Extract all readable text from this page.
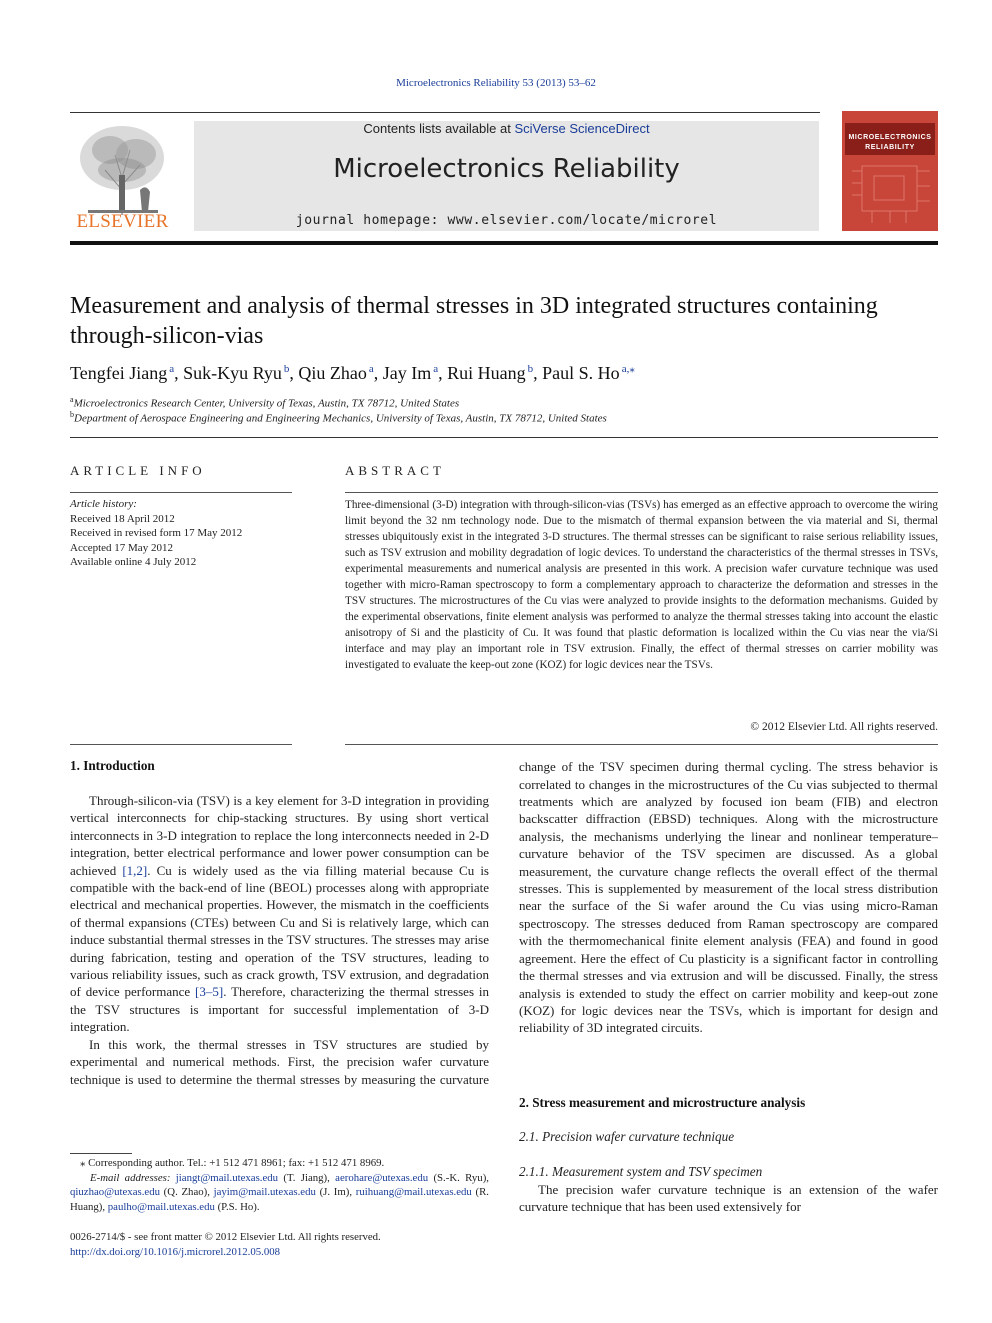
Microelectronics Reliability 53 (2013) 53–62
ELSEVIER
Contents lists available at SciVerse ScienceDirect
Microelectronics Reliability
journal homepage: www.elsevier.com/locate/microrel
MICROELECTRONICS
RELIABILITY
Measurement and analysis of thermal stresses in 3D integrated structures containing through-silicon-vias
Tengfei Jiang $^a$, Suk-Kyu Ryu $^b$, Qiu Zhao $^a$, Jay Im $^a$, Rui Huang $^b$, Paul S. Ho $^{a,⁎}$
$^a$Microelectronics Research Center, University of Texas, Austin, TX 78712, United States
$^b$Department of Aerospace Engineering and Engineering Mechanics, University of Texas, Austin, TX 78712, United States
ARTICLE INFO
Article history:
Received 18 April 2012
Received in revised form 17 May 2012
Accepted 17 May 2012
Available online 4 July 2012
ABSTRACT
Three-dimensional (3-D) integration with through-silicon-vias (TSVs) has emerged as an effective approach to overcome the wiring limit beyond the 32 nm technology node. Due to the mismatch of thermal expansion between the via material and Si, thermal stresses ubiquitously exist in the integrated 3-D structures. The thermal stresses can be significant to raise serious reliability issues, such as TSV extrusion and mobility degradation of logic devices. To understand the characteristics of the thermal stresses in TSVs, experimental measurements and numerical analysis are presented in this work. A precision wafer curvature technique was used together with micro-Raman spectroscopy to form a complementary approach to characterize the deformation and stresses in the TSV structures. The microstructures of the Cu vias were analyzed to provide insights to the deformation mechanisms. Guided by the experimental observations, finite element analysis was performed to analyze the thermal stresses taking into account the elastic anisotropy of Si and the plasticity of Cu. It was found that plastic deformation is localized within the Cu vias near the via/Si interface and may play an important role in TSV extrusion. Finally, the effect of thermal stresses on carrier mobility was investigated to evaluate the keep-out zone (KOZ) for logic devices near the TSVs.
© 2012 Elsevier Ltd. All rights reserved.
1. Introduction

Through-silicon-via (TSV) is a key element for 3-D integration in providing vertical interconnects for chip-stacking structures. By using short vertical interconnects in 3-D integration to replace the long interconnects needed in 2-D integration, better electrical performance and lower power consumption can be achieved [1,2]. Cu is widely used as the via filling material because Cu is compatible with the back-end of line (BEOL) processes along with appropriate electrical and mechanical properties. However, the mismatch in the coefficients of thermal expansions (CTEs) between Cu and Si is relatively large, which can induce substantial thermal stresses in the TSV structures. The stresses may arise during fabrication, testing and operation of the TSV structures, leading to various reliability issues, such as crack growth, TSV extrusion, and degradation of device performance [3–5]. Therefore, characterizing the thermal stresses in the TSV structures is important for successful implementation of 3-D integration.

In this work, the thermal stresses in TSV structures are studied by experimental and numerical methods. First, the precision wafer curvature technique is used to determine the thermal stresses by measuring the curvature
change of the TSV specimen during thermal cycling. The stress behavior is correlated to changes in the microstructures of the Cu vias subjected to thermal treatments which are analyzed by focused ion beam (FIB) and electron backscatter diffraction (EBSD) techniques. Along with the microstructure analysis, the mechanisms underlying the linear and nonlinear temperature–curvature behavior of the TSV specimen are discussed. As a global measurement, the curvature change reflects the overall effect of the thermal stresses. This is supplemented by measurement of the local stress distribution near the surface of the Si wafer around the Cu vias using micro-Raman spectroscopy. The stresses deduced from Raman spectroscopy are compared with the thermomechanical finite element analysis (FEA) and found in good agreement. Here the effect of Cu plasticity is a significant factor in controlling the thermal stresses and via extrusion and will be discussed. Finally, the stress analysis is extended to study the effect on carrier mobility and keep-out zone (KOZ) for logic devices near the TSVs, which is important for design and reliability of 3D integrated circuits.
2. Stress measurement and microstructure analysis
2.1. Precision wafer curvature technique
2.1.1. Measurement system and TSV specimen

The precision wafer curvature technique is an extension of the wafer curvature technique that has been used extensively for

⁎ Corresponding author. Tel.: +1 512 471 8961; fax: +1 512 471 8969.
E-mail addresses: jiangt@mail.utexas.edu (T. Jiang), aerohare@utexas.edu (S.-K. Ryu), qiuzhao@utexas.edu (Q. Zhao), jayim@mail.utexas.edu (J. Im), ruihuang@mail.utexas.edu (R. Huang), paulho@mail.utexas.edu (P.S. Ho).
0026-2714/$ - see front matter © 2012 Elsevier Ltd. All rights reserved.
http://dx.doi.org/10.1016/j.microrel.2012.05.008
